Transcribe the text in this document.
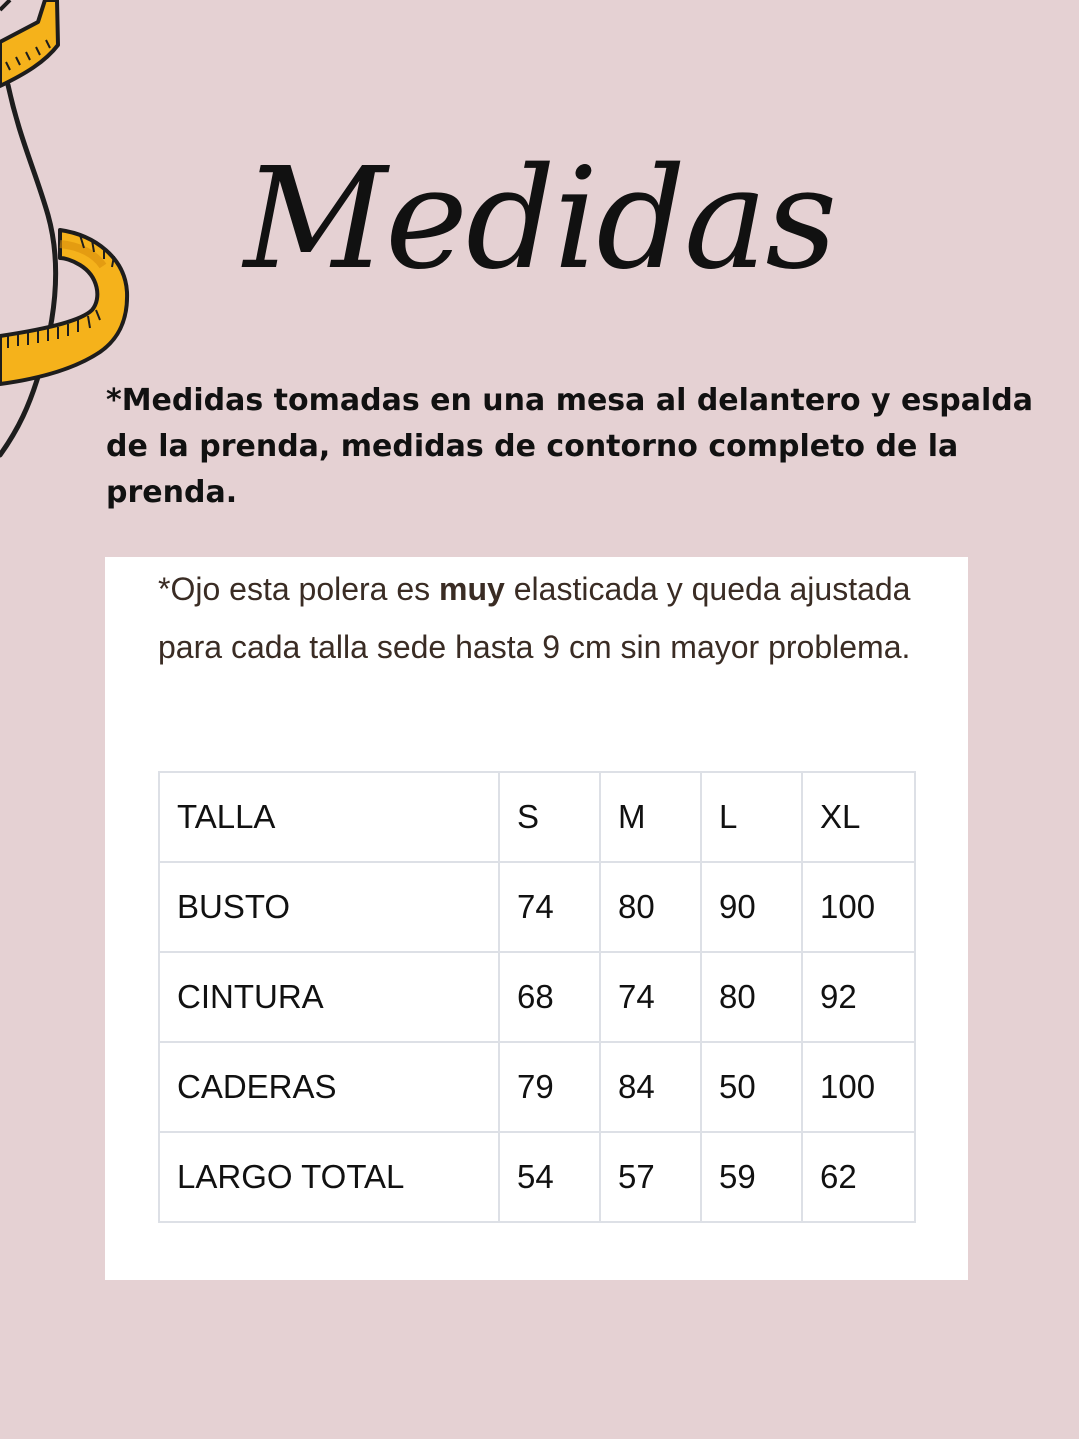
Medidas

*Medidas tomadas en una mesa al delantero y espalda de la prenda, medidas de contorno completo de la prenda.

*Ojo esta polera es muy elasticada y queda ajustada para cada talla sede hasta 9 cm sin mayor problema.

TALLA	S	M	L	XL
BUSTO	74	80	90	100
CINTURA	68	74	80	92
CADERAS	79	84	50	100
LARGO TOTAL	54	57	59	62
